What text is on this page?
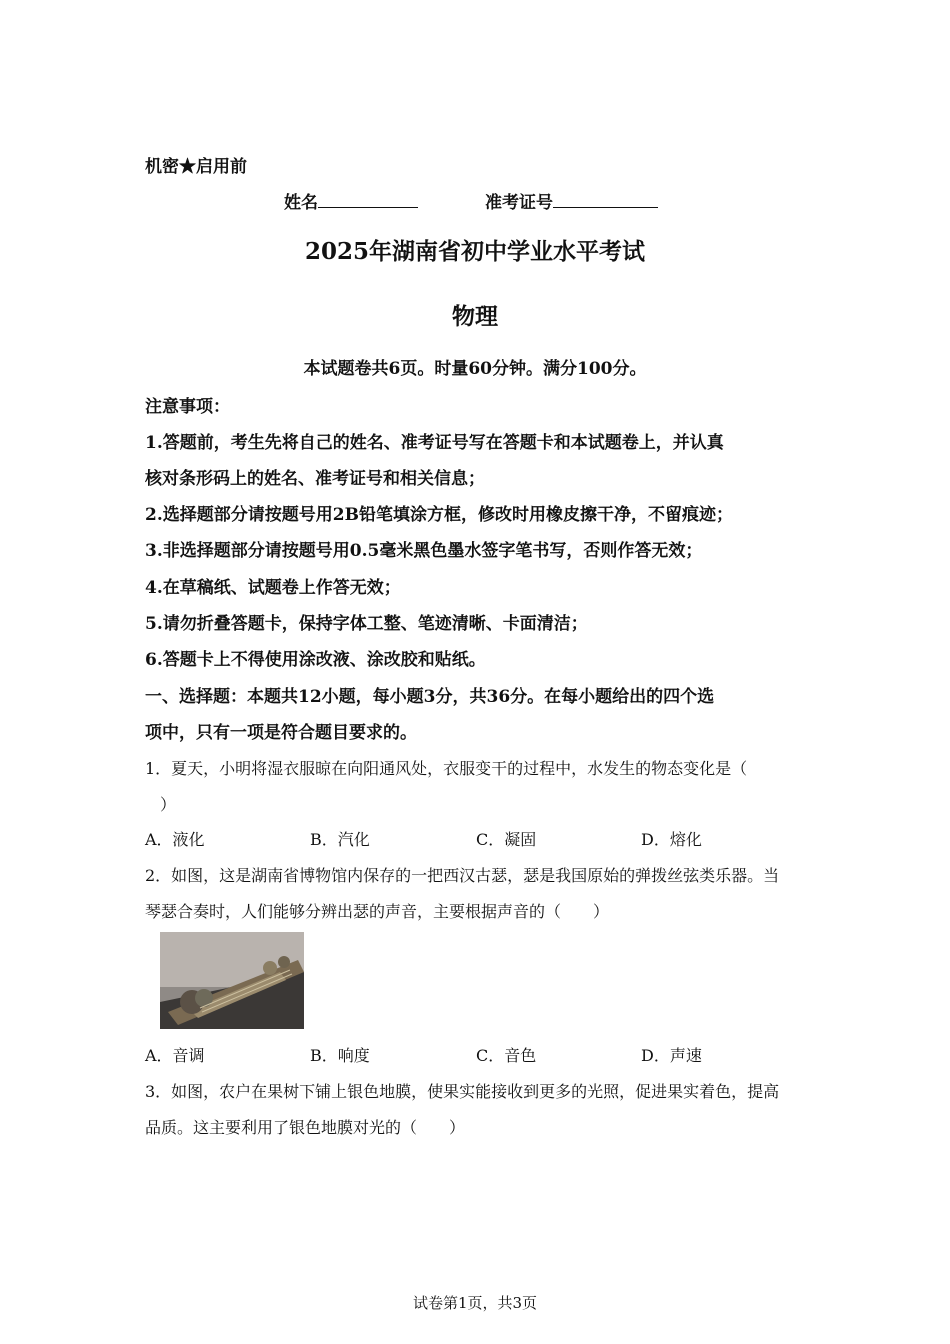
机密★启用前
姓名	准考证号
2025年湖南省初中学业水平考试
物理
本试题卷共6页。时量60分钟。满分100分。
注意事项：
1.答题前，考生先将自己的姓名、准考证号写在答题卡和本试题卷上，并认真
核对条形码上的姓名、准考证号和相关信息；
2.选择题部分请按题号用2B铅笔填涂方框，修改时用橡皮擦干净，不留痕迹；
3.非选择题部分请按题号用0.5毫米黑色墨水签字笔书写，否则作答无效；
4.在草稿纸、试题卷上作答无效；
5.请勿折叠答题卡，保持字体工整、笔迹清晰、卡面清洁；
6.答题卡上不得使用涂改液、涂改胶和贴纸。
一、选择题：本题共12小题，每小题3分，共36分。在每小题给出的四个选
项中，只有一项是符合题目要求的。
1．夏天，小明将湿衣服晾在向阳通风处，衣服变干的过程中，水发生的物态变化是（
）
A．液化	B．汽化	C．凝固	D．熔化
2．如图，这是湖南省博物馆内保存的一把西汉古瑟，瑟是我国原始的弹拨丝弦类乐器。当
琴瑟合奏时，人们能够分辨出瑟的声音，主要根据声音的（　　）
A．音调	B．响度	C．音色	D．声速
3．如图，农户在果树下铺上银色地膜，使果实能接收到更多的光照，促进果实着色，提高
品质。这主要利用了银色地膜对光的（　　）
试卷第1页，共3页
